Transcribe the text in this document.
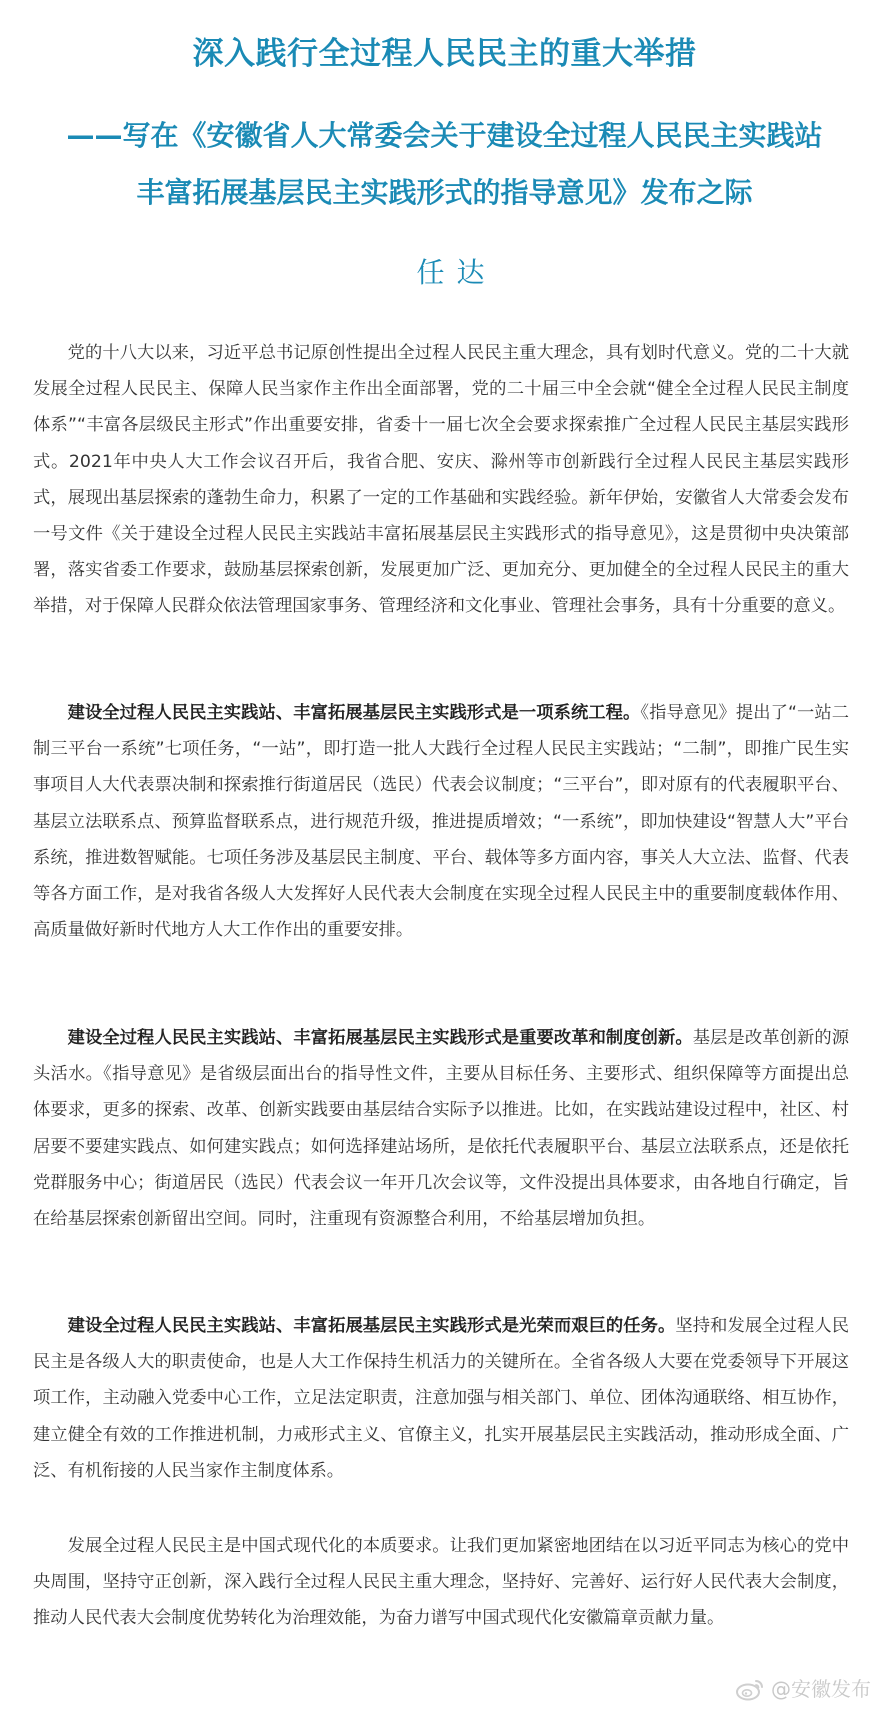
深入践行全过程人民民主的重大举措
——写在《安徽省人大常委会关于建设全过程人民民主实践站
丰富拓展基层民主实践形式的指导意见》发布之际

任达

党的十八大以来，习近平总书记原创性提出全过程人民民主重大理念，具有划时代意义。党的二十大就发展全过程人民民主、保障人民当家作主作出全面部署，党的二十届三中全会就“健全全过程人民民主制度体系”“丰富各层级民主形式”作出重要安排，省委十一届七次全会要求探索推广全过程人民民主基层实践形式。2021年中央人大工作会议召开后，我省合肥、安庆、滁州等市创新践行全过程人民民主基层实践形式，展现出基层探索的蓬勃生命力，积累了一定的工作基础和实践经验。新年伊始，安徽省人大常委会发布一号文件《关于建设全过程人民民主实践站丰富拓展基层民主实践形式的指导意见》，这是贯彻中央决策部署，落实省委工作要求，鼓励基层探索创新，发展更加广泛、更加充分、更加健全的全过程人民民主的重大举措，对于保障人民群众依法管理国家事务、管理经济和文化事业、管理社会事务，具有十分重要的意义。

建设全过程人民民主实践站、丰富拓展基层民主实践形式是一项系统工程。《指导意见》提出了“一站二制三平台一系统”七项任务，“一站”，即打造一批人大践行全过程人民民主实践站；“二制”，即推广民生实事项目人大代表票决制和探索推行街道居民（选民）代表会议制度；“三平台”，即对原有的代表履职平台、基层立法联系点、预算监督联系点，进行规范升级，推进提质增效；“一系统”，即加快建设“智慧人大”平台系统，推进数智赋能。七项任务涉及基层民主制度、平台、载体等多方面内容，事关人大立法、监督、代表等各方面工作，是对我省各级人大发挥好人民代表大会制度在实现全过程人民民主中的重要制度载体作用、高质量做好新时代地方人大工作作出的重要安排。

建设全过程人民民主实践站、丰富拓展基层民主实践形式是重要改革和制度创新。基层是改革创新的源头活水。《指导意见》是省级层面出台的指导性文件，主要从目标任务、主要形式、组织保障等方面提出总体要求，更多的探索、改革、创新实践要由基层结合实际予以推进。比如，在实践站建设过程中，社区、村居要不要建实践点、如何建实践点；如何选择建站场所，是依托代表履职平台、基层立法联系点，还是依托党群服务中心；街道居民（选民）代表会议一年开几次会议等，文件没提出具体要求，由各地自行确定，旨在给基层探索创新留出空间。同时，注重现有资源整合利用，不给基层增加负担。

建设全过程人民民主实践站、丰富拓展基层民主实践形式是光荣而艰巨的任务。坚持和发展全过程人民民主是各级人大的职责使命，也是人大工作保持生机活力的关键所在。全省各级人大要在党委领导下开展这项工作，主动融入党委中心工作，立足法定职责，注意加强与相关部门、单位、团体沟通联络、相互协作，建立健全有效的工作推进机制，力戒形式主义、官僚主义，扎实开展基层民主实践活动，推动形成全面、广泛、有机衔接的人民当家作主制度体系。

发展全过程人民民主是中国式现代化的本质要求。让我们更加紧密地团结在以习近平同志为核心的党中央周围，坚持守正创新，深入践行全过程人民民主重大理念，坚持好、完善好、运行好人民代表大会制度，推动人民代表大会制度优势转化为治理效能，为奋力谱写中国式现代化安徽篇章贡献力量。

@安徽发布
